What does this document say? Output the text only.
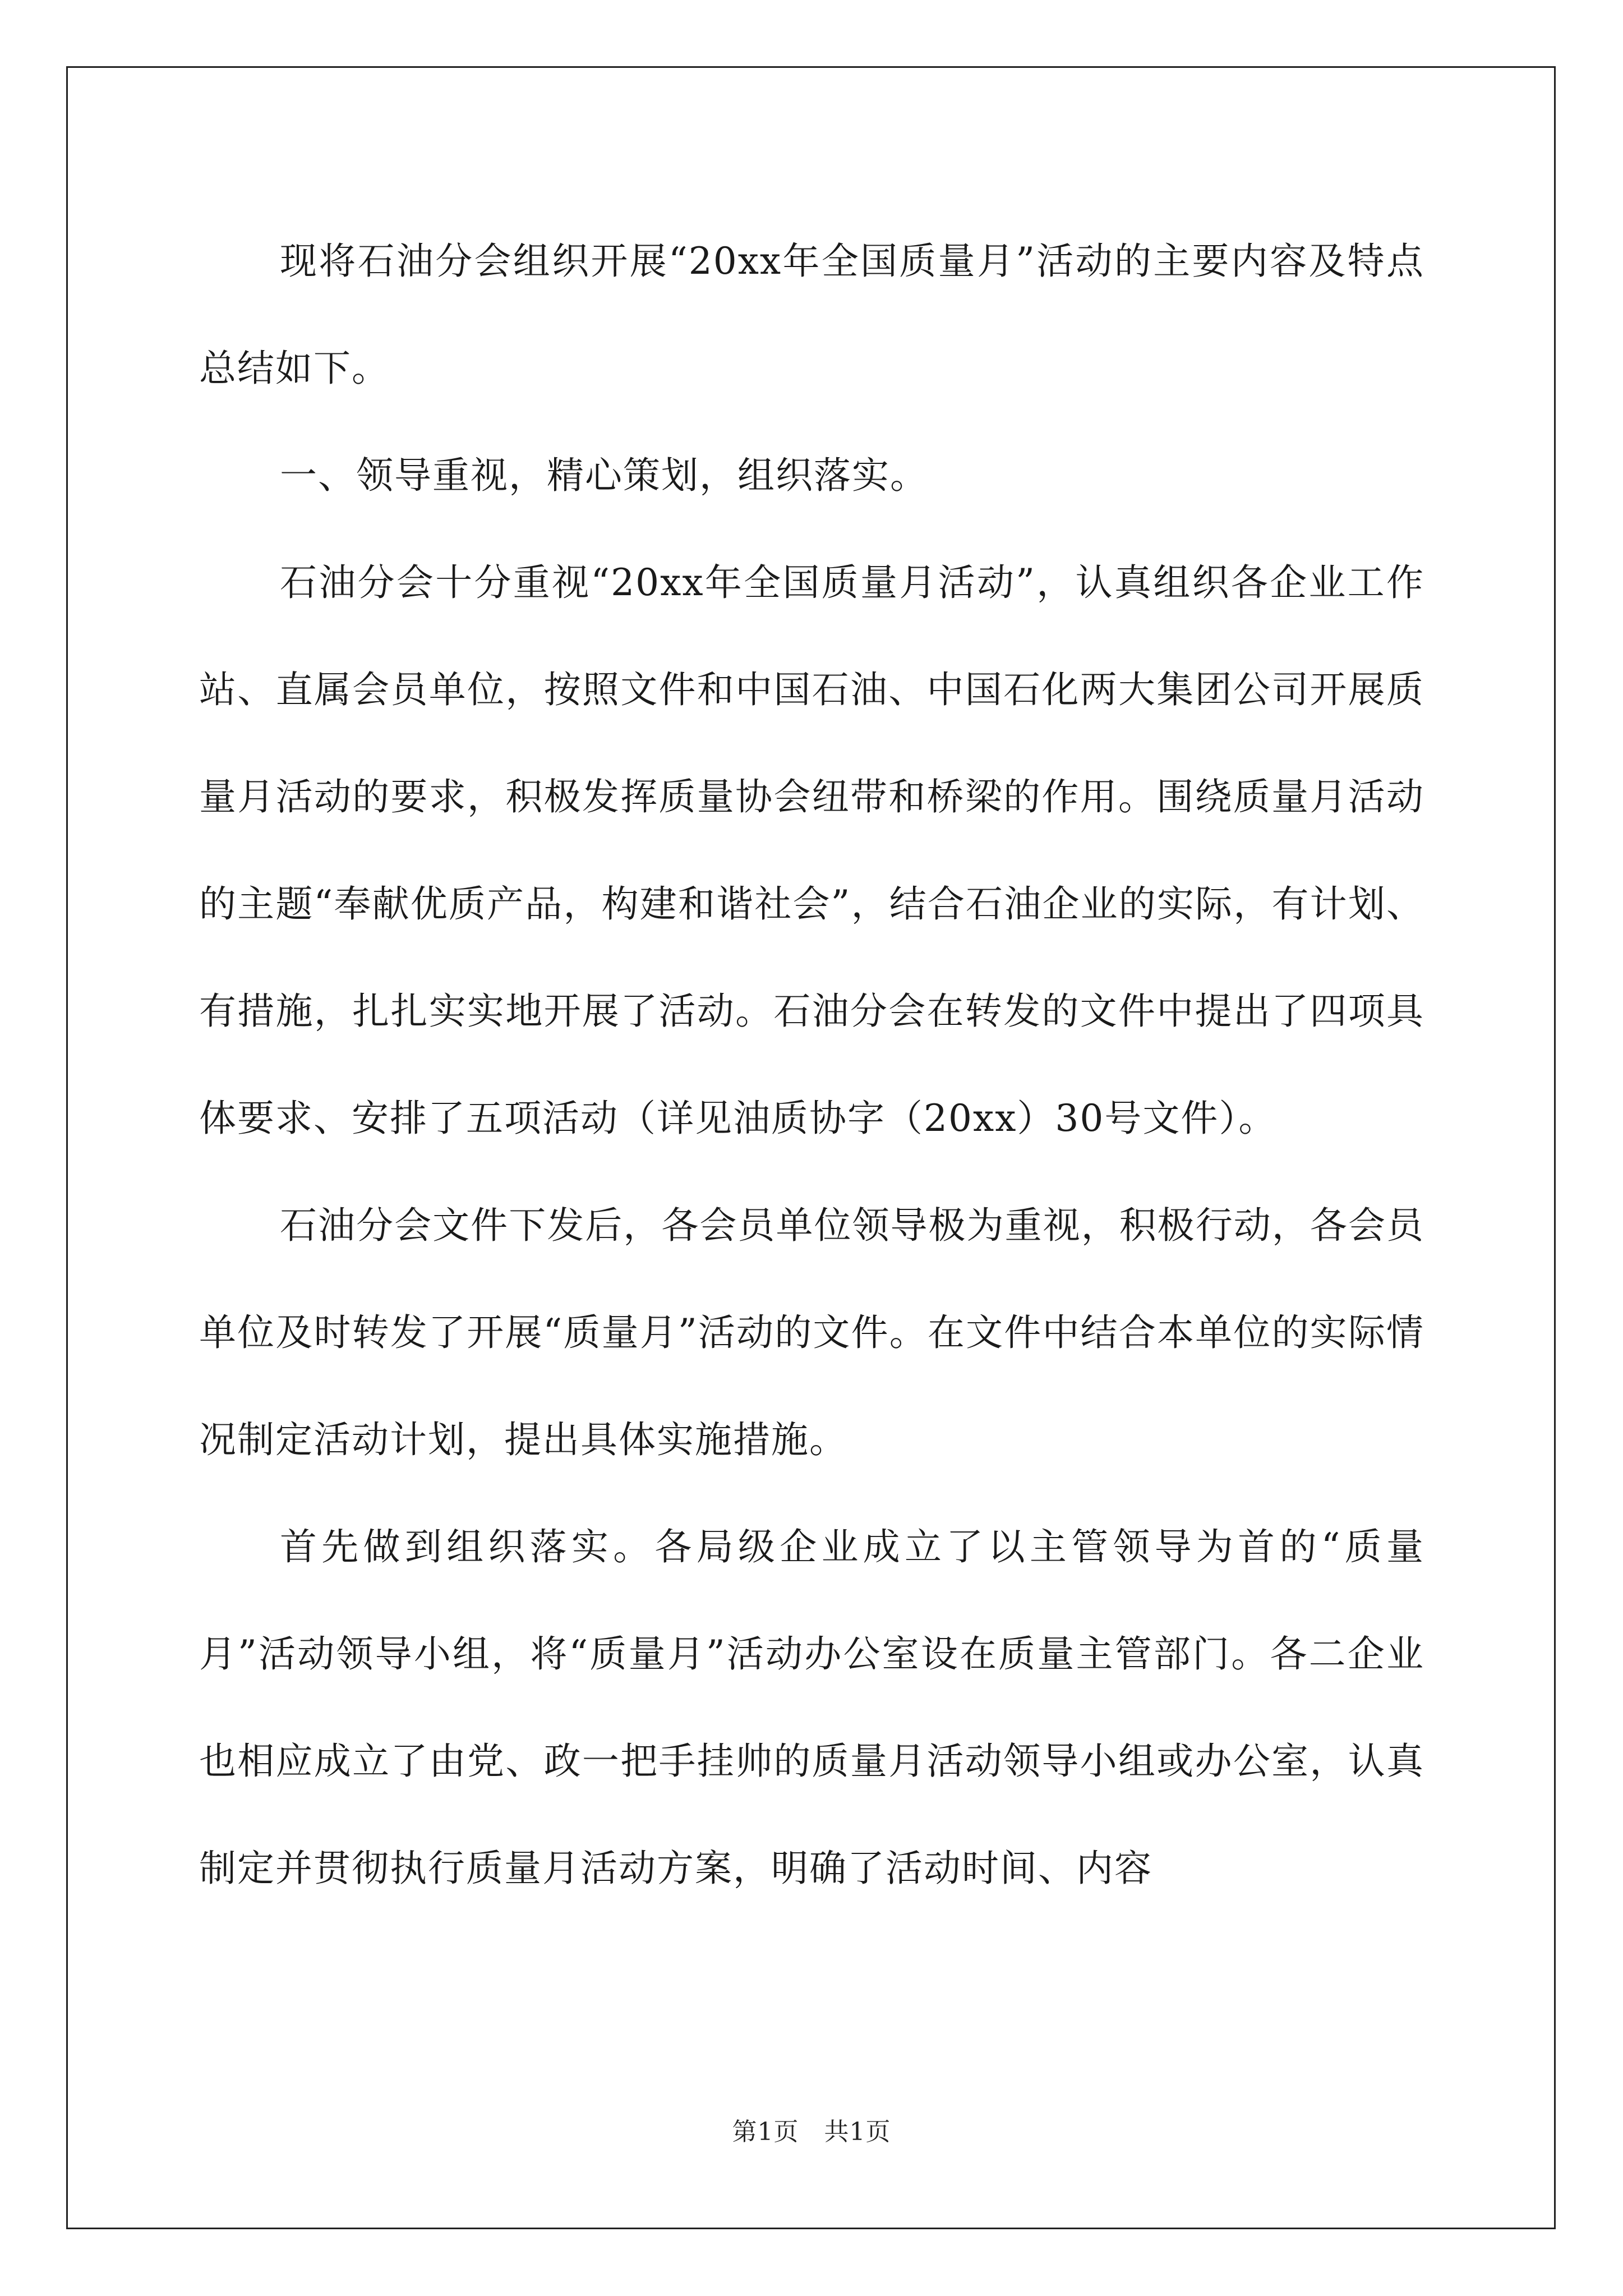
现将石油分会组织开展“20xx年全国质量月”活动的主要内容及特点总结如下。

一、领导重视，精心策划，组织落实。

石油分会十分重视“20xx年全国质量月活动”，认真组织各企业工作站、直属会员单位，按照文件和中国石油、中国石化两大集团公司开展质量月活动的要求，积极发挥质量协会纽带和桥梁的作用。围绕质量月活动的主题“奉献优质产品，构建和谐社会”，结合石油企业的实际，有计划、有措施，扎扎实实地开展了活动。石油分会在转发的文件中提出了四项具体要求、安排了五项活动（详见油质协字（20xx）30号文件）。

石油分会文件下发后，各会员单位领导极为重视，积极行动，各会员单位及时转发了开展“质量月”活动的文件。在文件中结合本单位的实际情况制定活动计划，提出具体实施措施。

首先做到组织落实。各局级企业成立了以主管领导为首的“质量月”活动领导小组，将“质量月”活动办公室设在质量主管部门。各二企业也相应成立了由党、政一把手挂帅的质量月活动领导小组或办公室，认真制定并贯彻执行质量月活动方案，明确了活动时间、内容

第1页 共1页
